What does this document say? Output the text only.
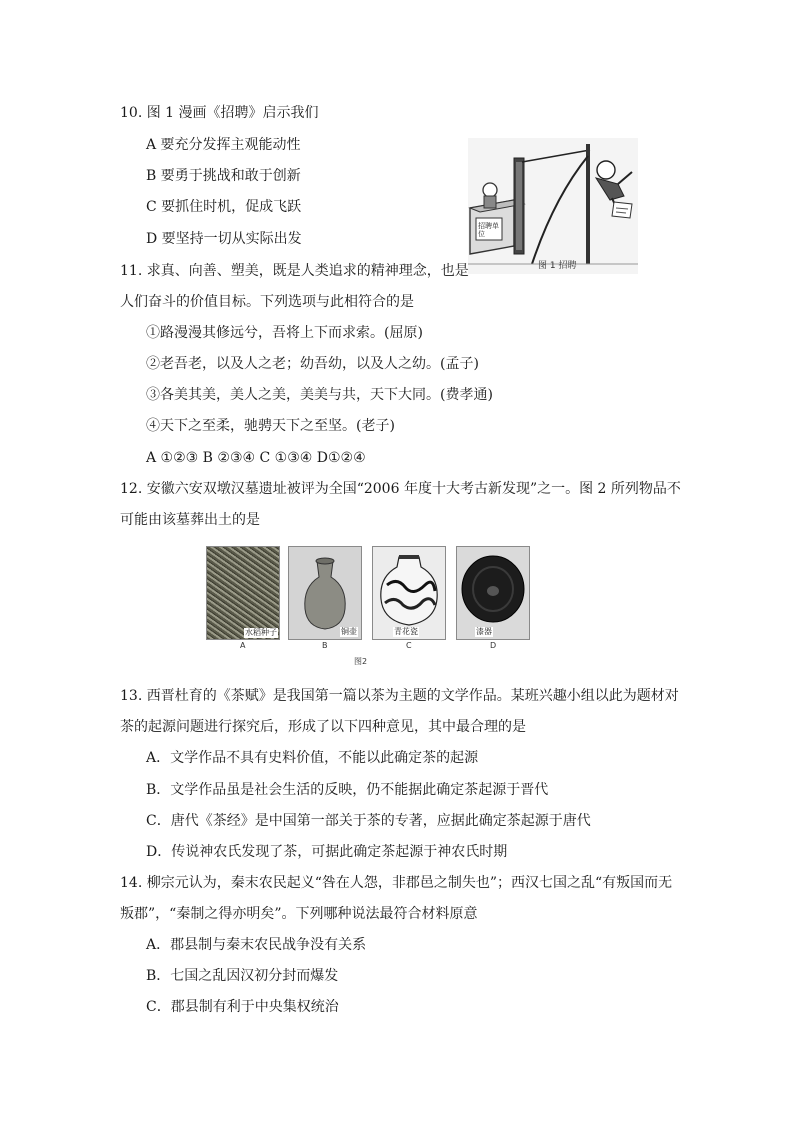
10. 图 1 漫画《招聘》启示我们
A 要充分发挥主观能动性
B 要勇于挑战和敢于创新
C 要抓住时机，促成飞跃
D 要坚持一切从实际出发
招聘单位
图 1 招聘
11. 求真、向善、塑美，既是人类追求的精神理念，也是
人们奋斗的价值目标。下列选项与此相符合的是
①路漫漫其修远兮，吾将上下而求索。(屈原)
②老吾老，以及人之老；幼吾幼，以及人之幼。(孟子)
③各美其美，美人之美，美美与共，天下大同。(费孝通)
④天下之至柔，驰骋天下之至坚。(老子)
A ①②③ B ②③④ C ①③④ D①②④
12. 安徽六安双墩汉墓遗址被评为全国“2006 年度十大考古新发现”之一。图 2 所列物品不
可能由该墓葬出土的是
水稻种子
A
铜壶
B
青花瓷
C
漆器
D
图2
13. 西晋杜育的《茶赋》是我国第一篇以茶为主题的文学作品。某班兴趣小组以此为题材对
茶的起源问题进行探究后，形成了以下四种意见，其中最合理的是
A．文学作品不具有史料价值，不能以此确定茶的起源
B．文学作品虽是社会生活的反映，仍不能据此确定茶起源于晋代
C．唐代《茶经》是中国第一部关于茶的专著，应据此确定茶起源于唐代
D．传说神农氏发现了茶，可据此确定茶起源于神农氏时期
14. 柳宗元认为，秦末农民起义“咎在人怨，非郡邑之制失也”；西汉七国之乱“有叛国而无
叛郡”，“秦制之得亦明矣”。下列哪种说法最符合材料原意
A．郡县制与秦末农民战争没有关系
B．七国之乱因汉初分封而爆发
C．郡县制有利于中央集权统治
